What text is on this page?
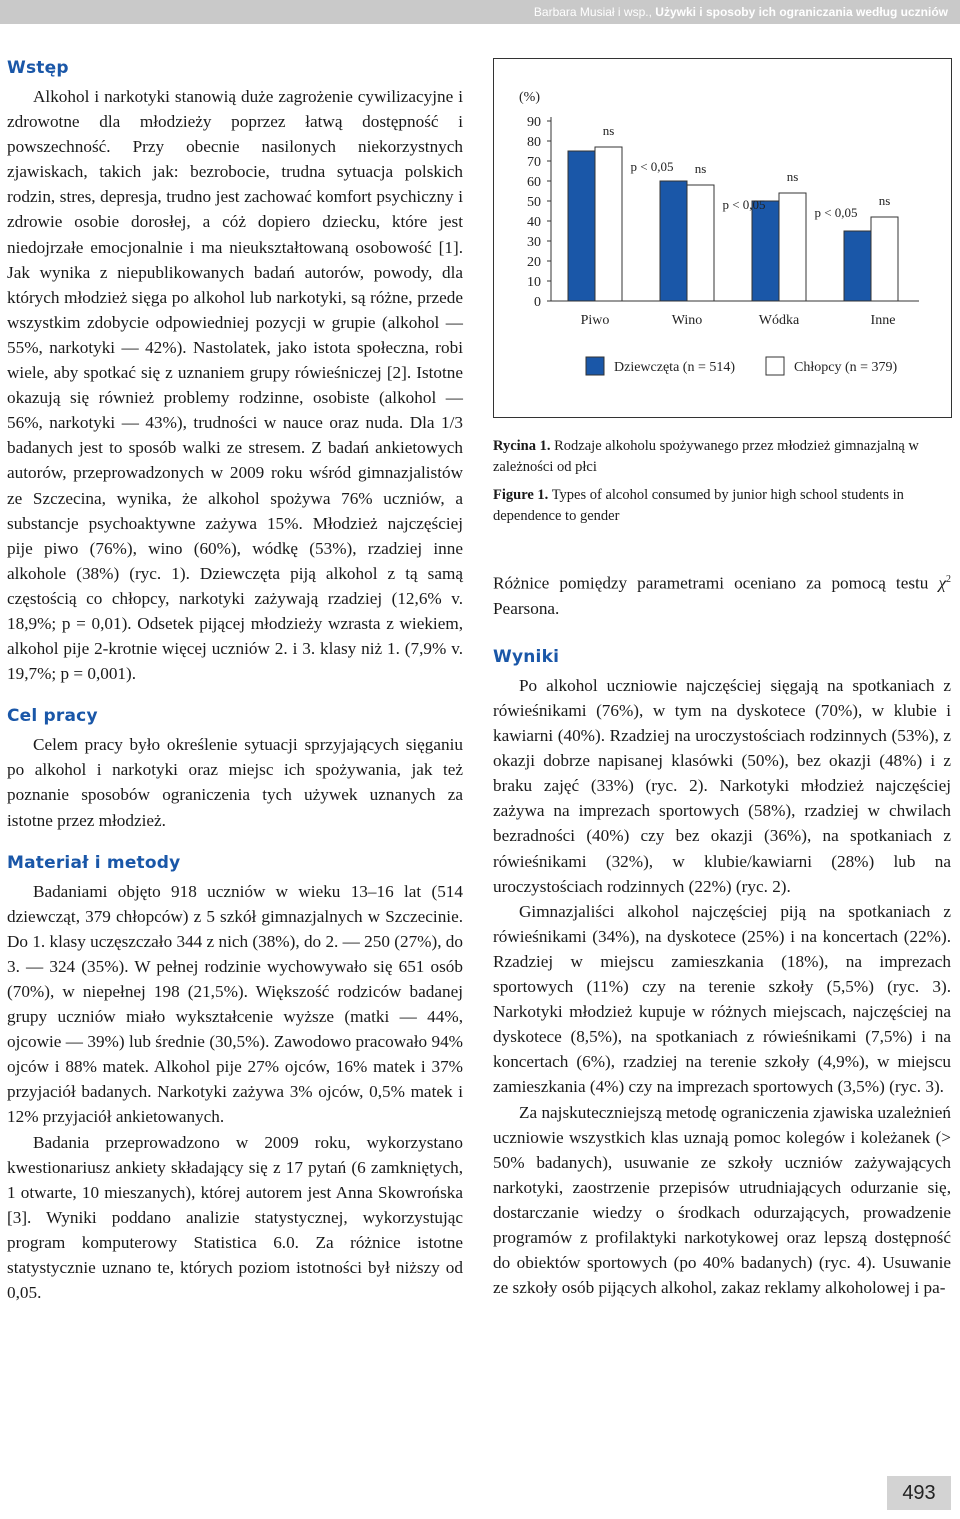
Barbara Musiał i wsp., Używki i sposoby ich ograniczania według uczniów
Wstęp

Alkohol i narkotyki stanowią duże zagrożenie cywilizacyjne i zdrowotne dla młodzieży poprzez łatwą dostępność i powszechność. Przy obecnie nasilonych niekorzystnych zjawiskach, takich jak: bezrobocie, trudna sytuacja polskich rodzin, stres, depresja, trudno jest zachować komfort psychiczny i zdrowie osobie dorosłej, a cóż dopiero dziecku, które jest niedojrzałe emocjonalnie i ma nieukształtowaną osobowość [1]. Jak wynika z niepublikowanych badań autorów, powody, dla których młodzież sięga po alkohol lub narkotyki, są różne, przede wszystkim zdobycie odpowiedniej pozycji w grupie (alkohol — 55%, narkotyki — 42%). Nastolatek, jako istota społeczna, robi wiele, aby spotkać się z uznaniem grupy rówieśniczej [2]. Istotne okazują się również problemy rodzinne, osobiste (alkohol — 56%, narkotyki — 43%), trudności w nauce oraz nuda. Dla 1/3 badanych jest to sposób walki ze stresem. Z badań ankietowych autorów, przeprowadzonych w 2009 roku wśród gimnazjalistów ze Szczecina, wynika, że alkohol spożywa 76% uczniów, a substancje psychoaktywne zażywa 15%. Młodzież najczęściej pije piwo (76%), wino (60%), wódkę (53%), rzadziej inne alkohole (38%) (ryc. 1). Dziewczęta piją alkohol z tą samą częstością co chłopcy, narkotyki zażywają rzadziej (12,6% v. 18,9%; p = 0,01). Odsetek pijącej młodzieży wzrasta z wiekiem, alkohol pije 2-krotnie więcej uczniów 2. i 3. klasy niż 1. (7,9% v. 19,7%; p = 0,001).

Cel pracy

Celem pracy było określenie sytuacji sprzyjających sięganiu po alkohol i narkotyki oraz miejsc ich spożywania, jak też poznanie sposobów ograniczenia tych używek uznanych za istotne przez młodzież.

Materiał i metody

Badaniami objęto 918 uczniów w wieku 13–16 lat (514 dziewcząt, 379 chłopców) z 5 szkół gimnazjalnych w Szczecinie. Do 1. klasy uczęszczało 344 z nich (38%), do 2. — 250 (27%), do 3. — 324 (35%). W pełnej rodzinie wychowywało się 651 osób (70%), w niepełnej 198 (21,5%). Większość rodziców badanej grupy uczniów miało wykształcenie wyższe (matki — 44%, ojcowie — 39%) lub średnie (30,5%). Zawodowo pracowało 94% ojców i 88% matek. Alkohol pije 27% ojców, 16% matek i 37% przyjaciół badanych. Narkotyki zażywa 3% ojców, 0,5% matek i 12% przyjaciół ankietowanych.

Badania przeprowadzono w 2009 roku, wykorzystano kwestionariusz ankiety składający się z 17 pytań (6 zamkniętych, 1 otwarte, 10 mieszanych), której autorem jest Anna Skowrońska [3]. Wyniki poddano analizie statystycznej, wykorzystując program komputerowy Statistica 6.0. Za różnice istotne statystycznie uznano te, których poziom istotności był niższy od 0,05.

(%)
0
10
20
30
40
50
60
70
80
90
Piwo	Wino	Wódka	Inne
ns
p < 0,05 ns
p < 0,05
ns
p < 0,05
ns
Dziewczęta (n = 514)	Chłopcy (n = 379)
Rycina 1. Rodzaje alkoholu spożywanego przez młodzież gimnazjalną w zależności od płci
Figure 1. Types of alcohol consumed by junior high school students in dependence to gender

Różnice pomiędzy parametrami oceniano za pomocą testu $\chi^2$ Pearsona.

Wyniki

Po alkohol uczniowie najczęściej sięgają na spotkaniach z rówieśnikami (76%), w tym na dyskotece (70%), w klubie i kawiarni (40%). Rzadziej na uroczystościach rodzinnych (53%), z okazji dobrze napisanej klasówki (50%), bez okazji (48%) i z braku zajęć (33%) (ryc. 2). Narkotyki młodzież najczęściej zażywa na imprezach sportowych (58%), rzadziej w chwilach bezradności (40%) czy bez okazji (36%), na spotkaniach z rówieśnikami (32%), w klubie/kawiarni (28%) lub na uroczystościach rodzinnych (22%) (ryc. 2).

Gimnazjaliści alkohol najczęściej piją na spotkaniach z rówieśnikami (34%), na dyskotece (25%) i na koncertach (22%). Rzadziej w miejscu zamieszkania (18%), na imprezach sportowych (11%) czy na terenie szkoły (5,5%) (ryc. 3). Narkotyki młodzież kupuje w różnych miejscach, najczęściej na dyskotece (8,5%), na spotkaniach z rówieśnikami (7,5%) i na koncertach (6%), rzadziej na terenie szkoły (4,9%), w miejscu zamieszkania (4%) czy na imprezach sportowych (3,5%) (ryc. 3).

Za najskuteczniejszą metodę ograniczenia zjawiska uzależnień uczniowie wszystkich klas uznają pomoc kolegów i koleżanek (> 50% badanych), usuwanie ze szkoły uczniów zażywających narkotyki, zaostrzenie przepisów utrudniających odurzanie się, dostarczanie wiedzy o środkach odurzających, prowadzenie programów z profilaktyki narkotykowej oraz lepszą dostępność do obiektów sportowych (po 40% badanych) (ryc. 4). Usuwanie ze szkoły osób pijących alkohol, zakaz reklamy alkoholowej i pa-

493
